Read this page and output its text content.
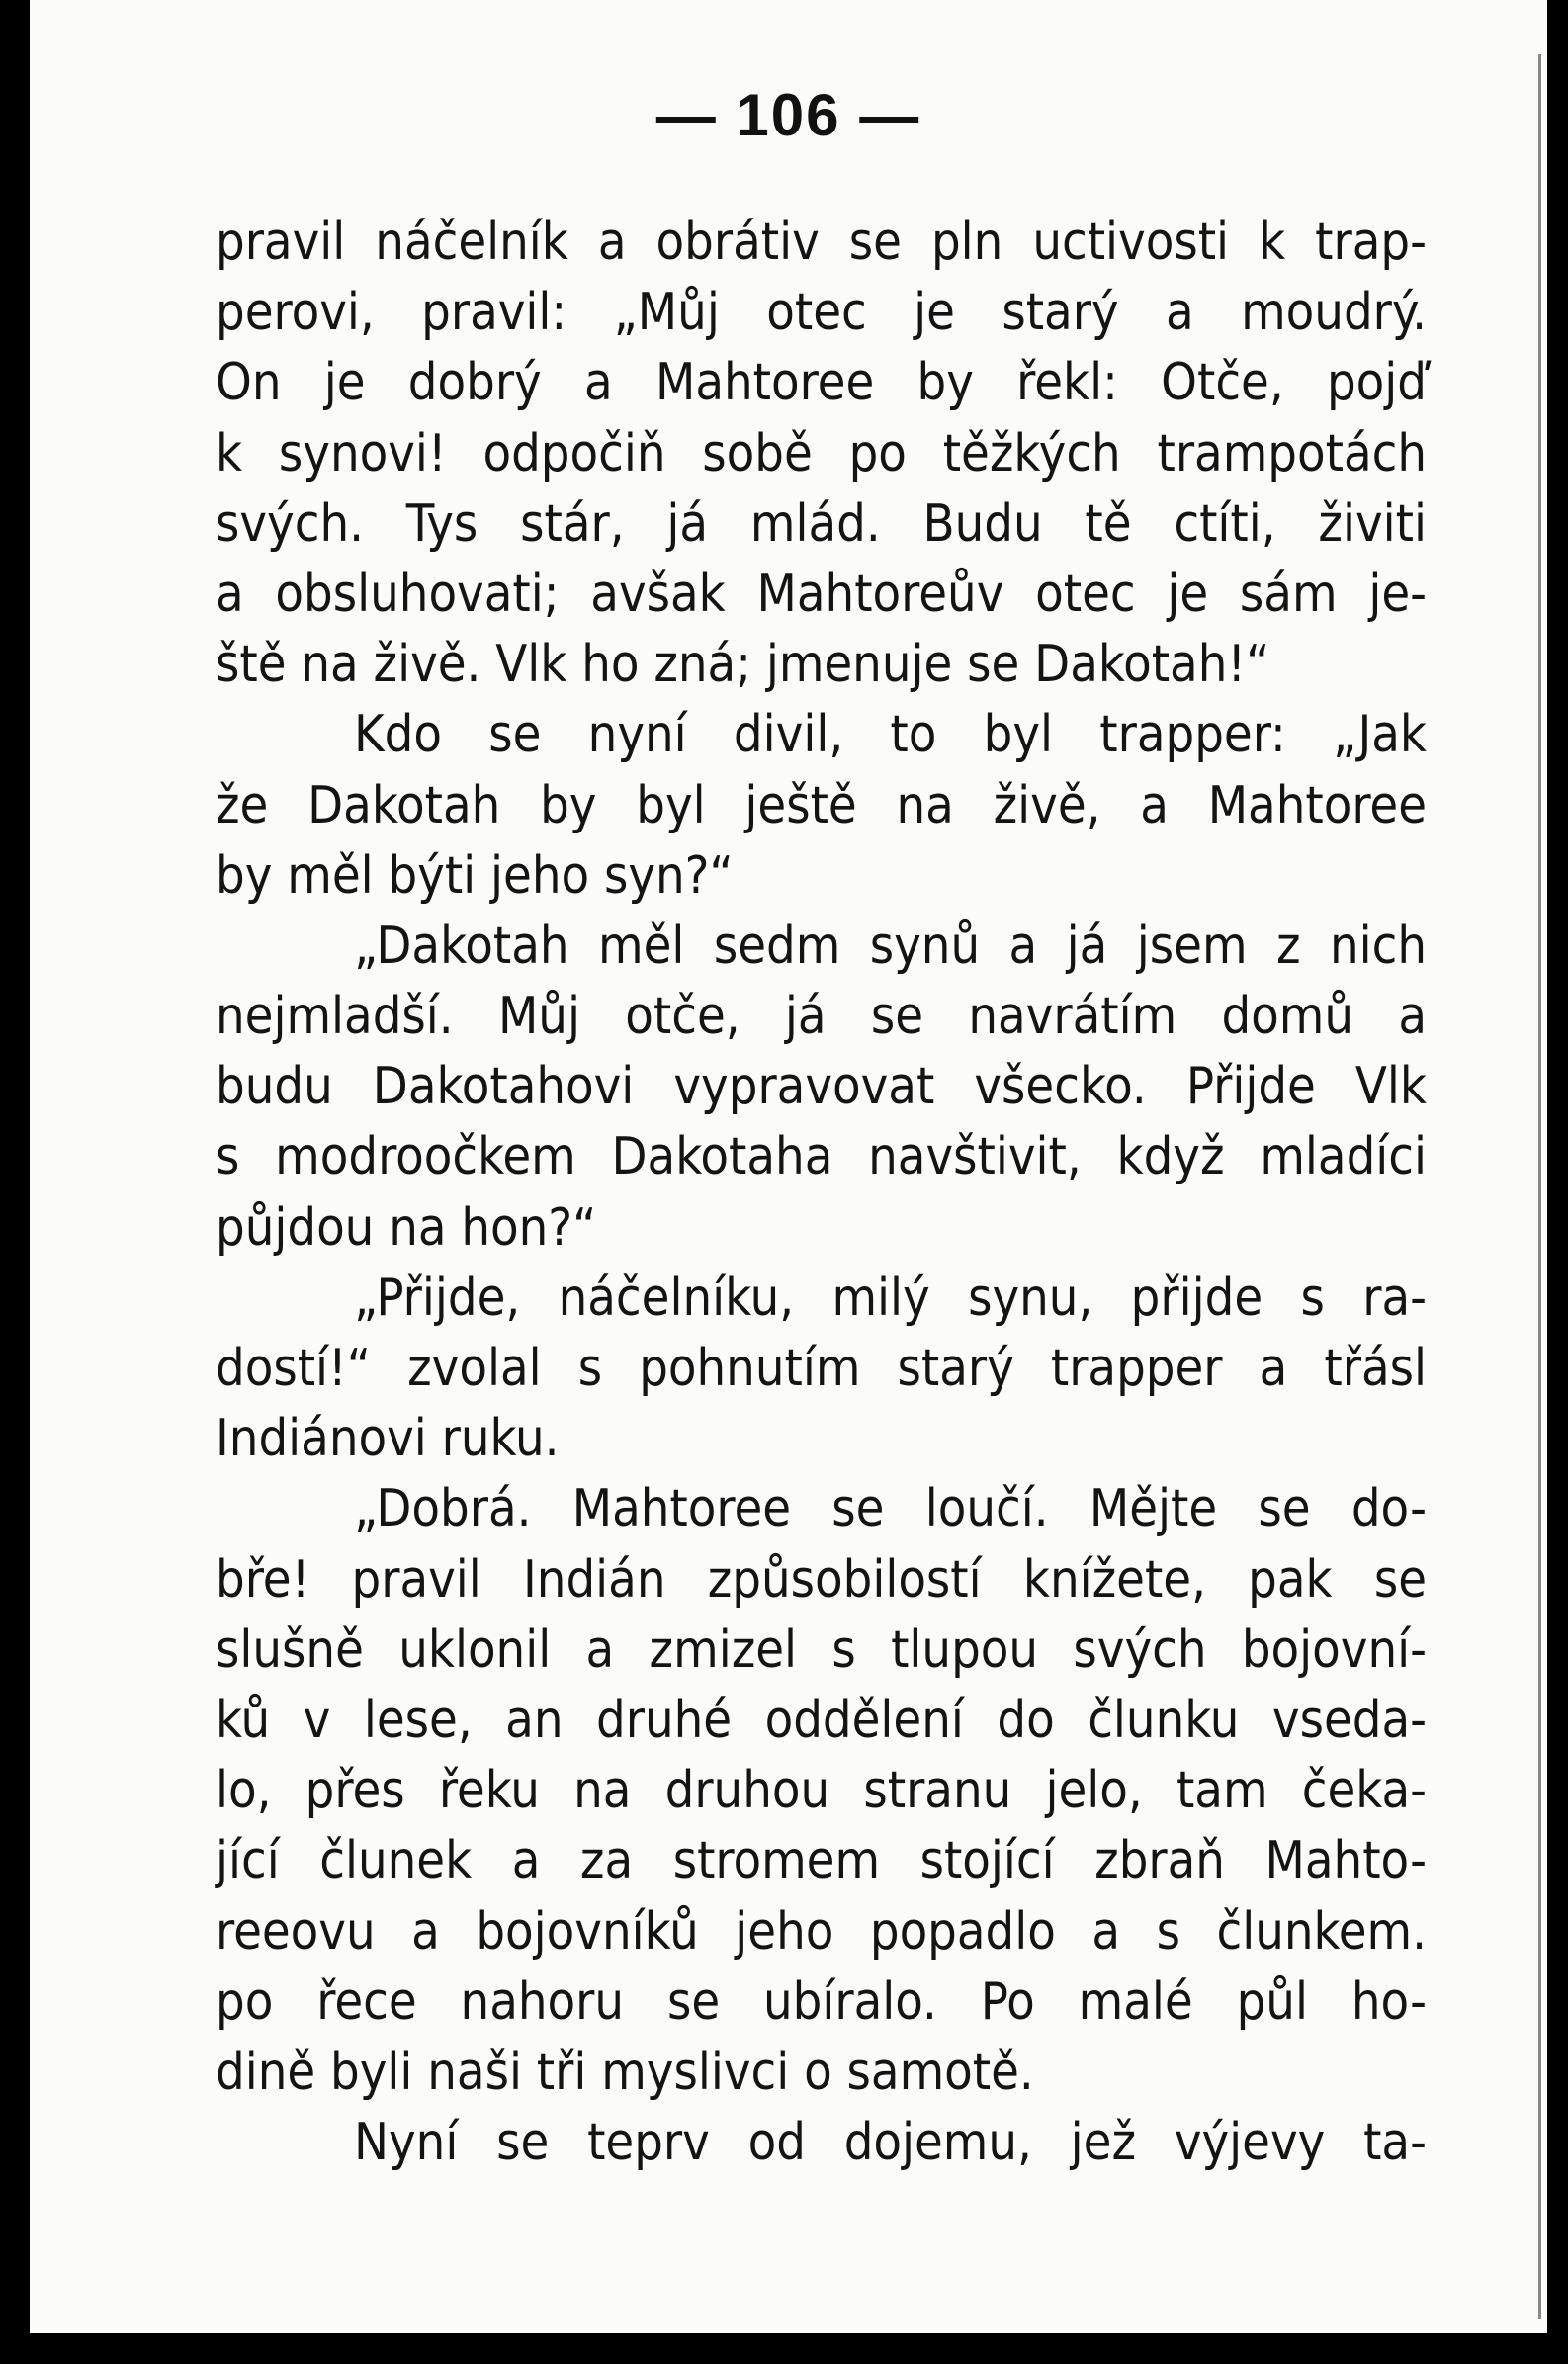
— 106 —
pravil náčelník a obrátiv se pln uctivosti k trap-
perovi, pravil: „Můj otec je starý a moudrý.
On je dobrý a Mahtoree by řekl: Otče, pojď
k synovi! odpočiň sobě po těžkých trampotách
svých. Tys stár, já mlád. Budu tě ctíti, živiti
a obsluhovati; avšak Mahtoreův otec je sám je-
ště na živě. Vlk ho zná; jmenuje se Dakotah!“
Kdo se nyní divil, to byl trapper: „Jak
že Dakotah by byl ještě na živě, a Mahtoree
by měl býti jeho syn?“
„Dakotah měl sedm synů a já jsem z nich
nejmladší. Můj otče, já se navrátím domů a
budu Dakotahovi vypravovat všecko. Přijde Vlk
s modroočkem Dakotaha navštivit, když mladíci
půjdou na hon?“
„Přijde, náčelníku, milý synu, přijde s ra-
dostí!“ zvolal s pohnutím starý trapper a třásl
Indiánovi ruku.
„Dobrá. Mahtoree se loučí. Mějte se do-
bře! pravil Indián způsobilostí knížete, pak se
slušně uklonil a zmizel s tlupou svých bojovní-
ků v lese, an druhé oddělení do člunku vseda-
lo, přes řeku na druhou stranu jelo, tam čeka-
jící člunek a za stromem stojící zbraň Mahto-
reeovu a bojovníků jeho popadlo a s člunkem.
po řece nahoru se ubíralo. Po malé půl ho-
dině byli naši tři myslivci o samotě.
Nyní se teprv od dojemu, jež výjevy ta-
